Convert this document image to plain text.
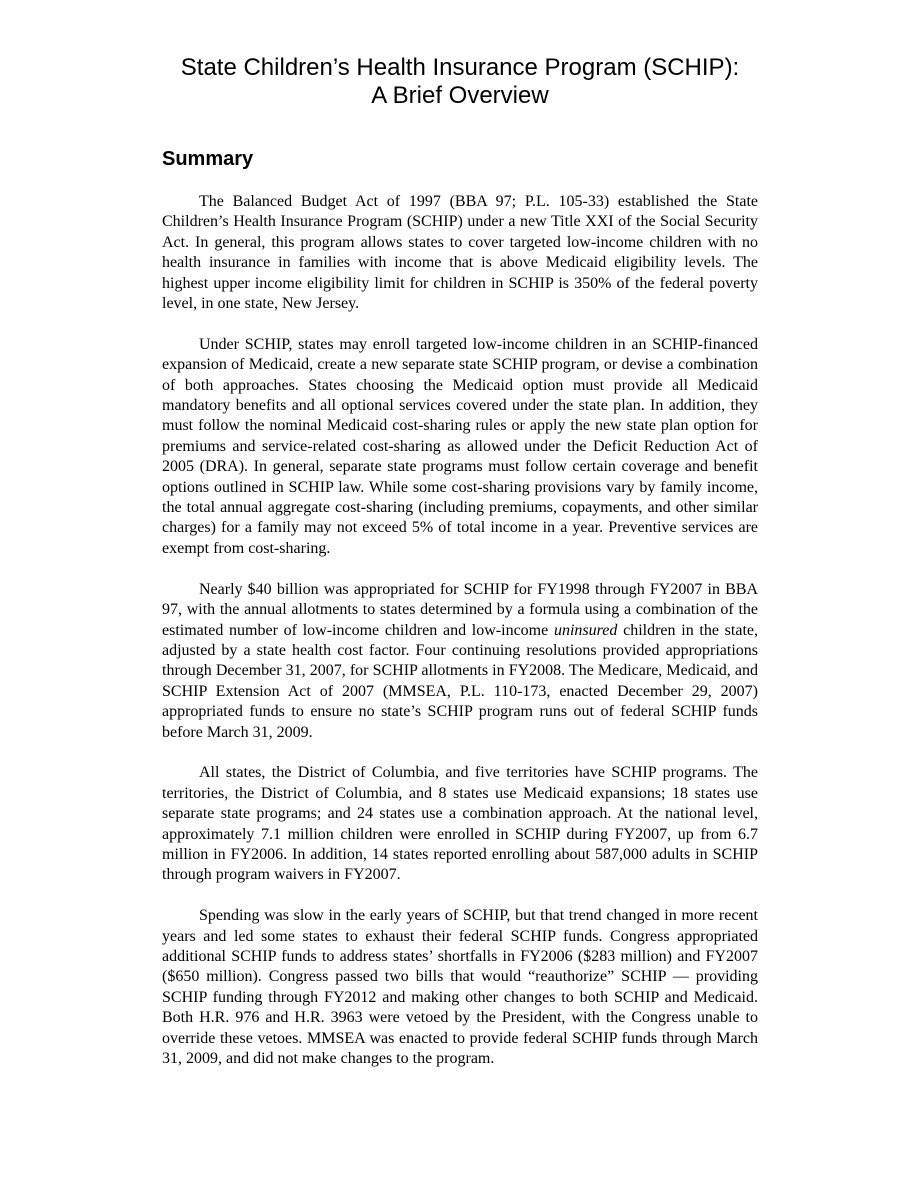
State Children’s Health Insurance Program (SCHIP):
A Brief Overview
Summary

The Balanced Budget Act of 1997 (BBA 97; P.L. 105-33) established the State Children’s Health Insurance Program (SCHIP) under a new Title XXI of the Social Security Act. In general, this program allows states to cover targeted low-income children with no health insurance in families with income that is above Medicaid eligibility levels. The highest upper income eligibility limit for children in SCHIP is 350% of the federal poverty level, in one state, New Jersey.

Under SCHIP, states may enroll targeted low-income children in an SCHIP-financed expansion of Medicaid, create a new separate state SCHIP program, or devise a combination of both approaches. States choosing the Medicaid option must provide all Medicaid mandatory benefits and all optional services covered under the state plan. In addition, they must follow the nominal Medicaid cost-sharing rules or apply the new state plan option for premiums and service-related cost-sharing as allowed under the Deficit Reduction Act of 2005 (DRA). In general, separate state programs must follow certain coverage and benefit options outlined in SCHIP law. While some cost-sharing provisions vary by family income, the total annual aggregate cost-sharing (including premiums, copayments, and other similar charges) for a family may not exceed 5% of total income in a year. Preventive services are exempt from cost-sharing.

Nearly $40 billion was appropriated for SCHIP for FY1998 through FY2007 in BBA 97, with the annual allotments to states determined by a formula using a combination of the estimated number of low-income children and low-income uninsured children in the state, adjusted by a state health cost factor. Four continuing resolutions provided appropriations through December 31, 2007, for SCHIP allotments in FY2008. The Medicare, Medicaid, and SCHIP Extension Act of 2007 (MMSEA, P.L. 110-173, enacted December 29, 2007) appropriated funds to ensure no state’s SCHIP program runs out of federal SCHIP funds before March 31, 2009.

All states, the District of Columbia, and five territories have SCHIP programs. The territories, the District of Columbia, and 8 states use Medicaid expansions; 18 states use separate state programs; and 24 states use a combination approach. At the national level, approximately 7.1 million children were enrolled in SCHIP during FY2007, up from 6.7 million in FY2006. In addition, 14 states reported enrolling about 587,000 adults in SCHIP through program waivers in FY2007.

Spending was slow in the early years of SCHIP, but that trend changed in more recent years and led some states to exhaust their federal SCHIP funds. Congress appropriated additional SCHIP funds to address states’ shortfalls in FY2006 ($283 million) and FY2007 ($650 million). Congress passed two bills that would “reauthorize” SCHIP — providing SCHIP funding through FY2012 and making other changes to both SCHIP and Medicaid. Both H.R. 976 and H.R. 3963 were vetoed by the President, with the Congress unable to override these vetoes. MMSEA was enacted to provide federal SCHIP funds through March 31, 2009, and did not make changes to the program.
